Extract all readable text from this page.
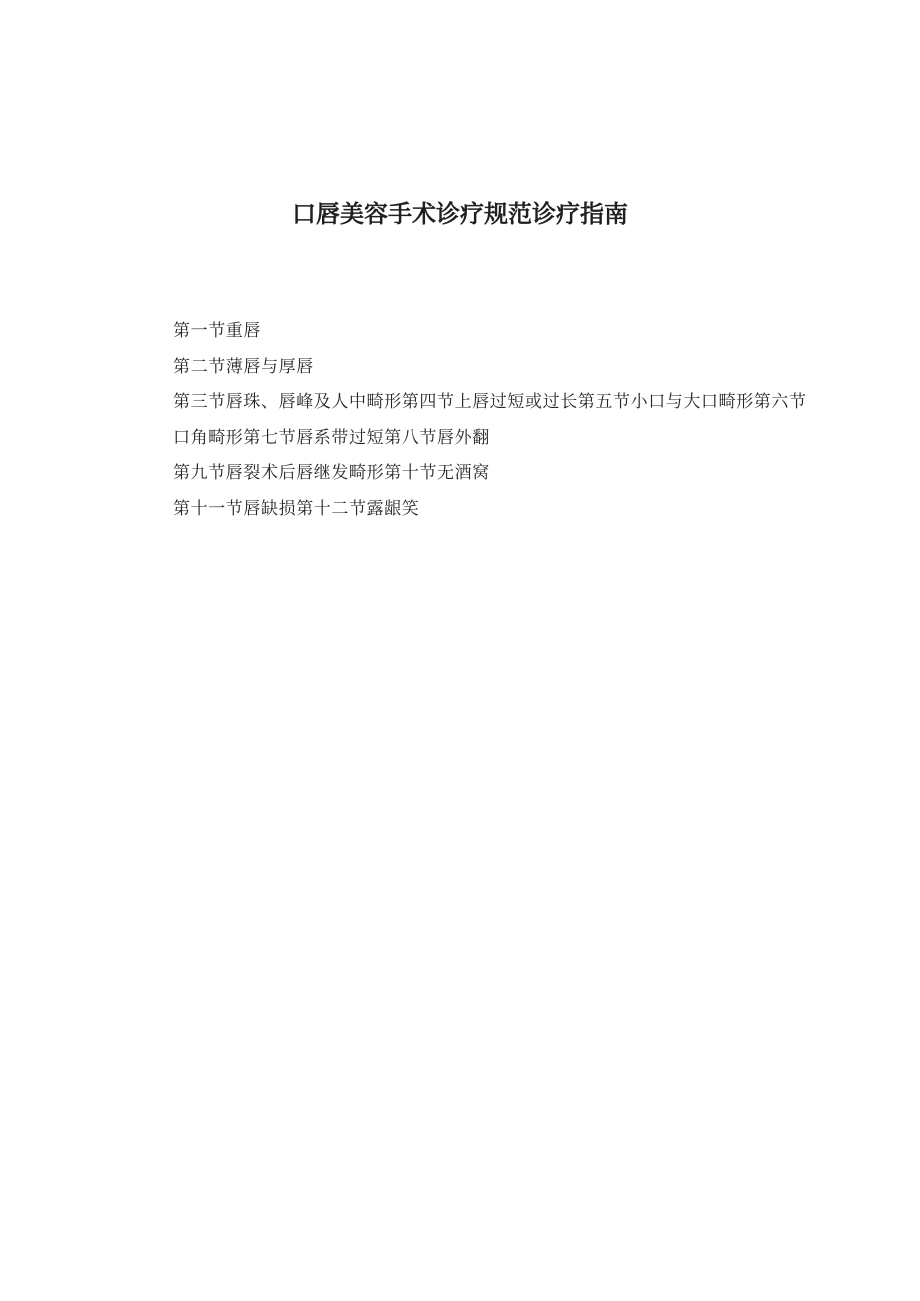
口唇美容手术诊疗规范诊疗指南

第一节重唇

第二节薄唇与厚唇

第三节唇珠、唇峰及人中畸形第四节上唇过短或过长第五节小口与大口畸形第六节

口角畸形第七节唇系带过短第八节唇外翻

第九节唇裂术后唇继发畸形第十节无酒窝

第十一节唇缺损第十二节露龈笑
